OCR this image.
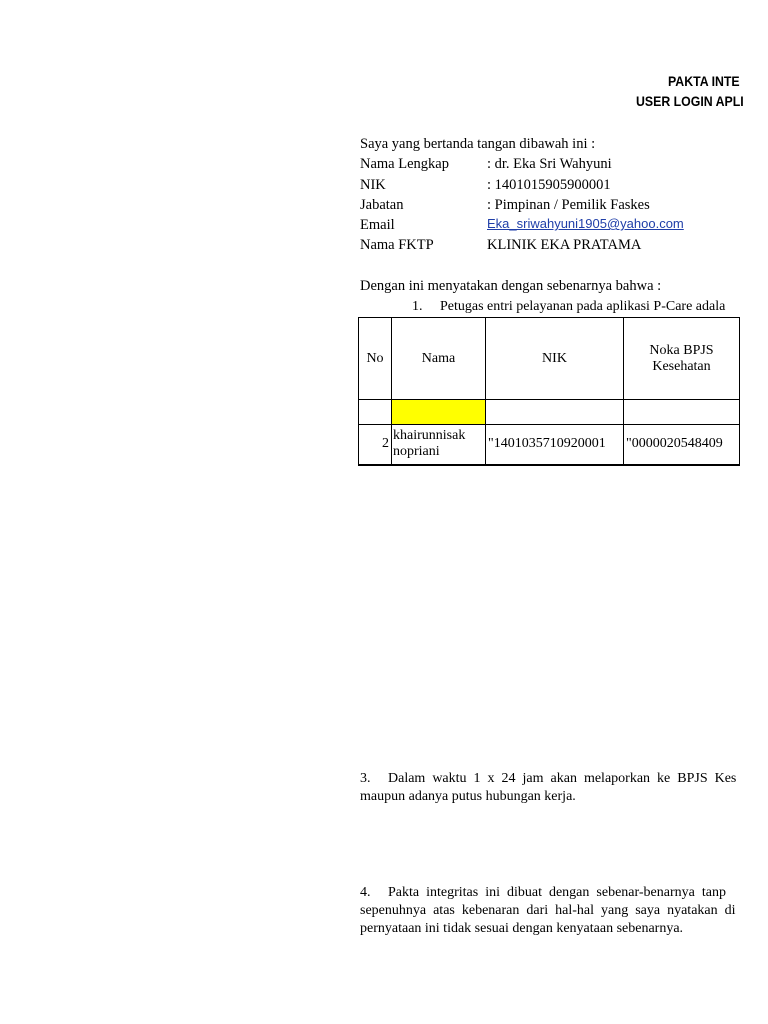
PAKTA INTE
USER LOGIN APLI
Saya yang bertanda tangan dibawah ini :
Nama Lengkap	: dr. Eka Sri Wahyuni
NIK	: 1401015905900001
Jabatan	: Pimpinan / Pemilik Faskes
Email	Eka_sriwahyuni1905@yahoo.com
Nama FKTP	KLINIK EKA PRATAMA
Dengan ini menyatakan dengan sebenarnya bahwa :
1. Petugas entri pelayanan pada aplikasi P-Care adala
No	Nama	NIK	Noka BPJS Kesehatan

2	khairunnisak nopriani	"1401035710920001	"0000020548409
3.     Dalam  waktu  1  x  24  jam  akan  melaporkan  ke  BPJS  Kes
maupun adanya putus hubungan kerja.
4.     Pakta  integritas  ini  dibuat  dengan  sebenar-benarnya  tanp
sepenuhnya  atas  kebenaran  dari  hal-hal  yang  saya  nyatakan  di
pernyataan ini tidak sesuai dengan kenyataan sebenarnya.
